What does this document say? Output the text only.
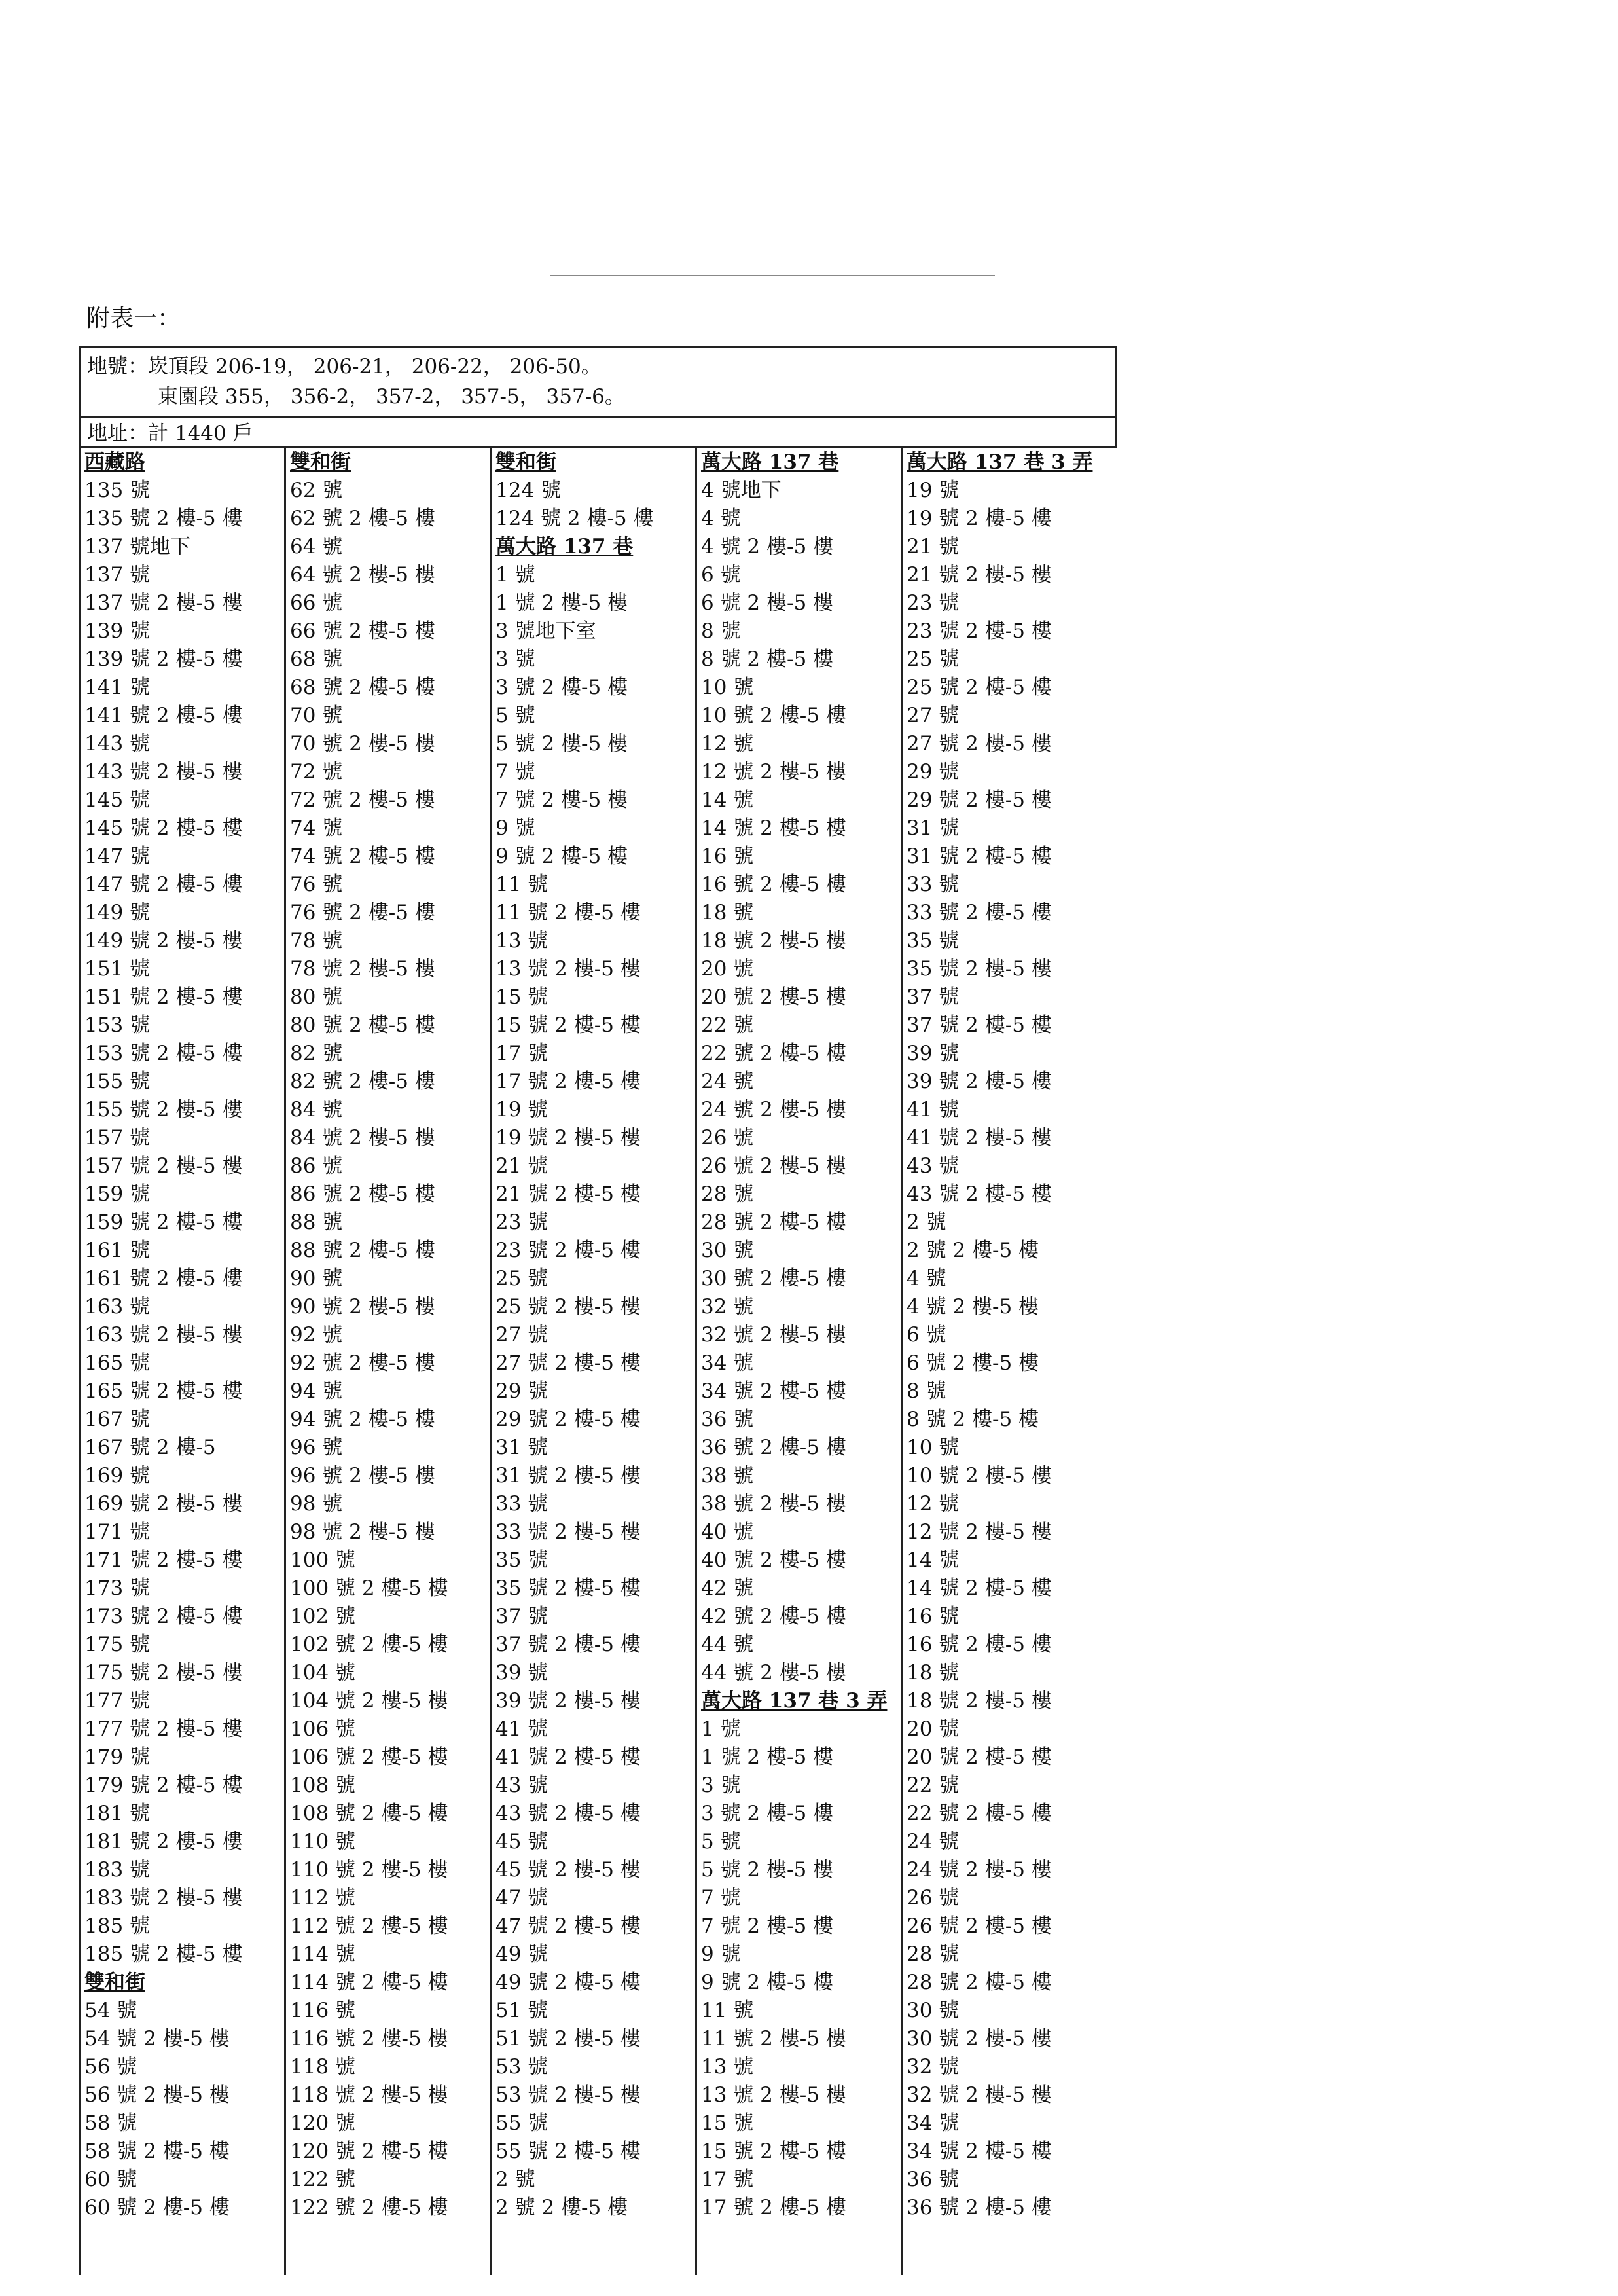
附表一：
地號：崁頂段 206-19， 206-21， 206-22， 206-50。
東園段 355， 356-2， 357-2， 357-5， 357-6。
地址：計 1440 戶
西藏路
135 號
135 號 2 樓-5 樓
137 號地下
137 號
137 號 2 樓-5 樓
139 號
139 號 2 樓-5 樓
141 號
141 號 2 樓-5 樓
143 號
143 號 2 樓-5 樓
145 號
145 號 2 樓-5 樓
147 號
147 號 2 樓-5 樓
149 號
149 號 2 樓-5 樓
151 號
151 號 2 樓-5 樓
153 號
153 號 2 樓-5 樓
155 號
155 號 2 樓-5 樓
157 號
157 號 2 樓-5 樓
159 號
159 號 2 樓-5 樓
161 號
161 號 2 樓-5 樓
163 號
163 號 2 樓-5 樓
165 號
165 號 2 樓-5 樓
167 號
167 號 2 樓-5
169 號
169 號 2 樓-5 樓
171 號
171 號 2 樓-5 樓
173 號
173 號 2 樓-5 樓
175 號
175 號 2 樓-5 樓
177 號
177 號 2 樓-5 樓
179 號
179 號 2 樓-5 樓
181 號
181 號 2 樓-5 樓
183 號
183 號 2 樓-5 樓
185 號
185 號 2 樓-5 樓
雙和街
54 號
54 號 2 樓-5 樓
56 號
56 號 2 樓-5 樓
58 號
58 號 2 樓-5 樓
60 號
60 號 2 樓-5 樓
雙和街
62 號
62 號 2 樓-5 樓
64 號
64 號 2 樓-5 樓
66 號
66 號 2 樓-5 樓
68 號
68 號 2 樓-5 樓
70 號
70 號 2 樓-5 樓
72 號
72 號 2 樓-5 樓
74 號
74 號 2 樓-5 樓
76 號
76 號 2 樓-5 樓
78 號
78 號 2 樓-5 樓
80 號
80 號 2 樓-5 樓
82 號
82 號 2 樓-5 樓
84 號
84 號 2 樓-5 樓
86 號
86 號 2 樓-5 樓
88 號
88 號 2 樓-5 樓
90 號
90 號 2 樓-5 樓
92 號
92 號 2 樓-5 樓
94 號
94 號 2 樓-5 樓
96 號
96 號 2 樓-5 樓
98 號
98 號 2 樓-5 樓
100 號
100 號 2 樓-5 樓
102 號
102 號 2 樓-5 樓
104 號
104 號 2 樓-5 樓
106 號
106 號 2 樓-5 樓
108 號
108 號 2 樓-5 樓
110 號
110 號 2 樓-5 樓
112 號
112 號 2 樓-5 樓
114 號
114 號 2 樓-5 樓
116 號
116 號 2 樓-5 樓
118 號
118 號 2 樓-5 樓
120 號
120 號 2 樓-5 樓
122 號
122 號 2 樓-5 樓
雙和街
124 號
124 號 2 樓-5 樓
萬大路 137 巷
1 號
1 號 2 樓-5 樓
3 號地下室
3 號
3 號 2 樓-5 樓
5 號
5 號 2 樓-5 樓
7 號
7 號 2 樓-5 樓
9 號
9 號 2 樓-5 樓
11 號
11 號 2 樓-5 樓
13 號
13 號 2 樓-5 樓
15 號
15 號 2 樓-5 樓
17 號
17 號 2 樓-5 樓
19 號
19 號 2 樓-5 樓
21 號
21 號 2 樓-5 樓
23 號
23 號 2 樓-5 樓
25 號
25 號 2 樓-5 樓
27 號
27 號 2 樓-5 樓
29 號
29 號 2 樓-5 樓
31 號
31 號 2 樓-5 樓
33 號
33 號 2 樓-5 樓
35 號
35 號 2 樓-5 樓
37 號
37 號 2 樓-5 樓
39 號
39 號 2 樓-5 樓
41 號
41 號 2 樓-5 樓
43 號
43 號 2 樓-5 樓
45 號
45 號 2 樓-5 樓
47 號
47 號 2 樓-5 樓
49 號
49 號 2 樓-5 樓
51 號
51 號 2 樓-5 樓
53 號
53 號 2 樓-5 樓
55 號
55 號 2 樓-5 樓
2 號
2 號 2 樓-5 樓
萬大路 137 巷
4 號地下
4 號
4 號 2 樓-5 樓
6 號
6 號 2 樓-5 樓
8 號
8 號 2 樓-5 樓
10 號
10 號 2 樓-5 樓
12 號
12 號 2 樓-5 樓
14 號
14 號 2 樓-5 樓
16 號
16 號 2 樓-5 樓
18 號
18 號 2 樓-5 樓
20 號
20 號 2 樓-5 樓
22 號
22 號 2 樓-5 樓
24 號
24 號 2 樓-5 樓
26 號
26 號 2 樓-5 樓
28 號
28 號 2 樓-5 樓
30 號
30 號 2 樓-5 樓
32 號
32 號 2 樓-5 樓
34 號
34 號 2 樓-5 樓
36 號
36 號 2 樓-5 樓
38 號
38 號 2 樓-5 樓
40 號
40 號 2 樓-5 樓
42 號
42 號 2 樓-5 樓
44 號
44 號 2 樓-5 樓
萬大路 137 巷 3 弄
1 號
1 號 2 樓-5 樓
3 號
3 號 2 樓-5 樓
5 號
5 號 2 樓-5 樓
7 號
7 號 2 樓-5 樓
9 號
9 號 2 樓-5 樓
11 號
11 號 2 樓-5 樓
13 號
13 號 2 樓-5 樓
15 號
15 號 2 樓-5 樓
17 號
17 號 2 樓-5 樓
萬大路 137 巷 3 弄
19 號
19 號 2 樓-5 樓
21 號
21 號 2 樓-5 樓
23 號
23 號 2 樓-5 樓
25 號
25 號 2 樓-5 樓
27 號
27 號 2 樓-5 樓
29 號
29 號 2 樓-5 樓
31 號
31 號 2 樓-5 樓
33 號
33 號 2 樓-5 樓
35 號
35 號 2 樓-5 樓
37 號
37 號 2 樓-5 樓
39 號
39 號 2 樓-5 樓
41 號
41 號 2 樓-5 樓
43 號
43 號 2 樓-5 樓
2 號
2 號 2 樓-5 樓
4 號
4 號 2 樓-5 樓
6 號
6 號 2 樓-5 樓
8 號
8 號 2 樓-5 樓
10 號
10 號 2 樓-5 樓
12 號
12 號 2 樓-5 樓
14 號
14 號 2 樓-5 樓
16 號
16 號 2 樓-5 樓
18 號
18 號 2 樓-5 樓
20 號
20 號 2 樓-5 樓
22 號
22 號 2 樓-5 樓
24 號
24 號 2 樓-5 樓
26 號
26 號 2 樓-5 樓
28 號
28 號 2 樓-5 樓
30 號
30 號 2 樓-5 樓
32 號
32 號 2 樓-5 樓
34 號
34 號 2 樓-5 樓
36 號
36 號 2 樓-5 樓
